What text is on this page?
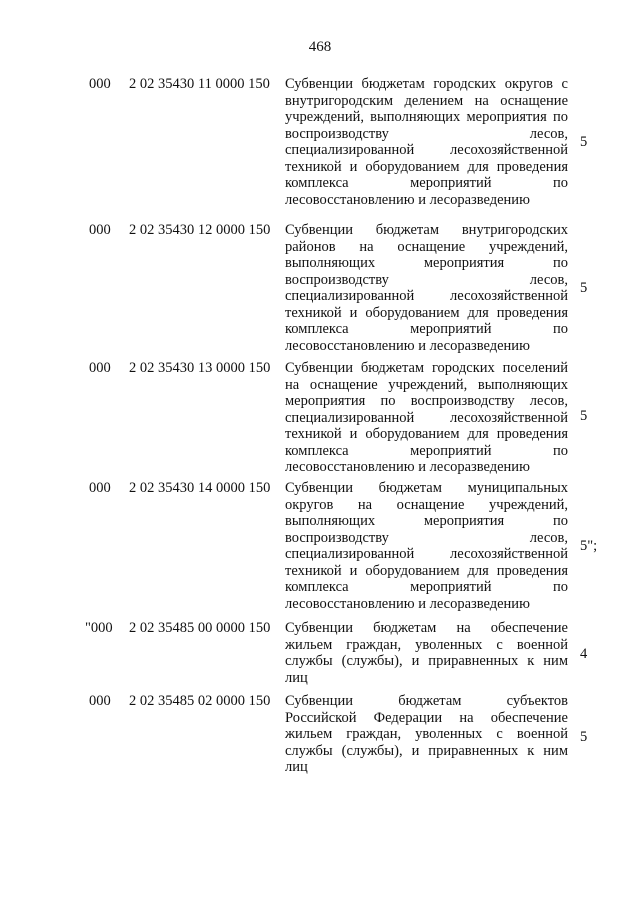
468
000 2 02 35430 11 0000 150 Субвенции бюджетам городских округов с
внутригородским делением на оснащение
учреждений, выполняющих мероприятия по
воспроизводству лесов,
специализированной лесохозяйственной
техникой и оборудованием для проведения
комплекса мероприятий по
лесовосстановлению и лесоразведению
5
000 2 02 35430 12 0000 150 Субвенции бюджетам внутригородских
районов на оснащение учреждений,
выполняющих мероприятия по
воспроизводству лесов,
специализированной лесохозяйственной
техникой и оборудованием для проведения
комплекса мероприятий по
лесовосстановлению и лесоразведению
5
000 2 02 35430 13 0000 150 Субвенции бюджетам городских поселений
на оснащение учреждений, выполняющих
мероприятия по воспроизводству лесов,
специализированной лесохозяйственной
техникой и оборудованием для проведения
комплекса мероприятий по
лесовосстановлению и лесоразведению
5
000 2 02 35430 14 0000 150 Субвенции бюджетам муниципальных
округов на оснащение учреждений,
выполняющих мероприятия по
воспроизводству лесов,
специализированной лесохозяйственной
техникой и оборудованием для проведения
комплекса мероприятий по
лесовосстановлению и лесоразведению
5";
"000 2 02 35485 00 0000 150 Субвенции бюджетам на обеспечение
жильем граждан, уволенных с военной
службы (службы), и приравненных к ним
лиц
4
000 2 02 35485 02 0000 150 Субвенции бюджетам субъектов
Российской Федерации на обеспечение
жильем граждан, уволенных с военной
службы (службы), и приравненных к ним
лиц
5
